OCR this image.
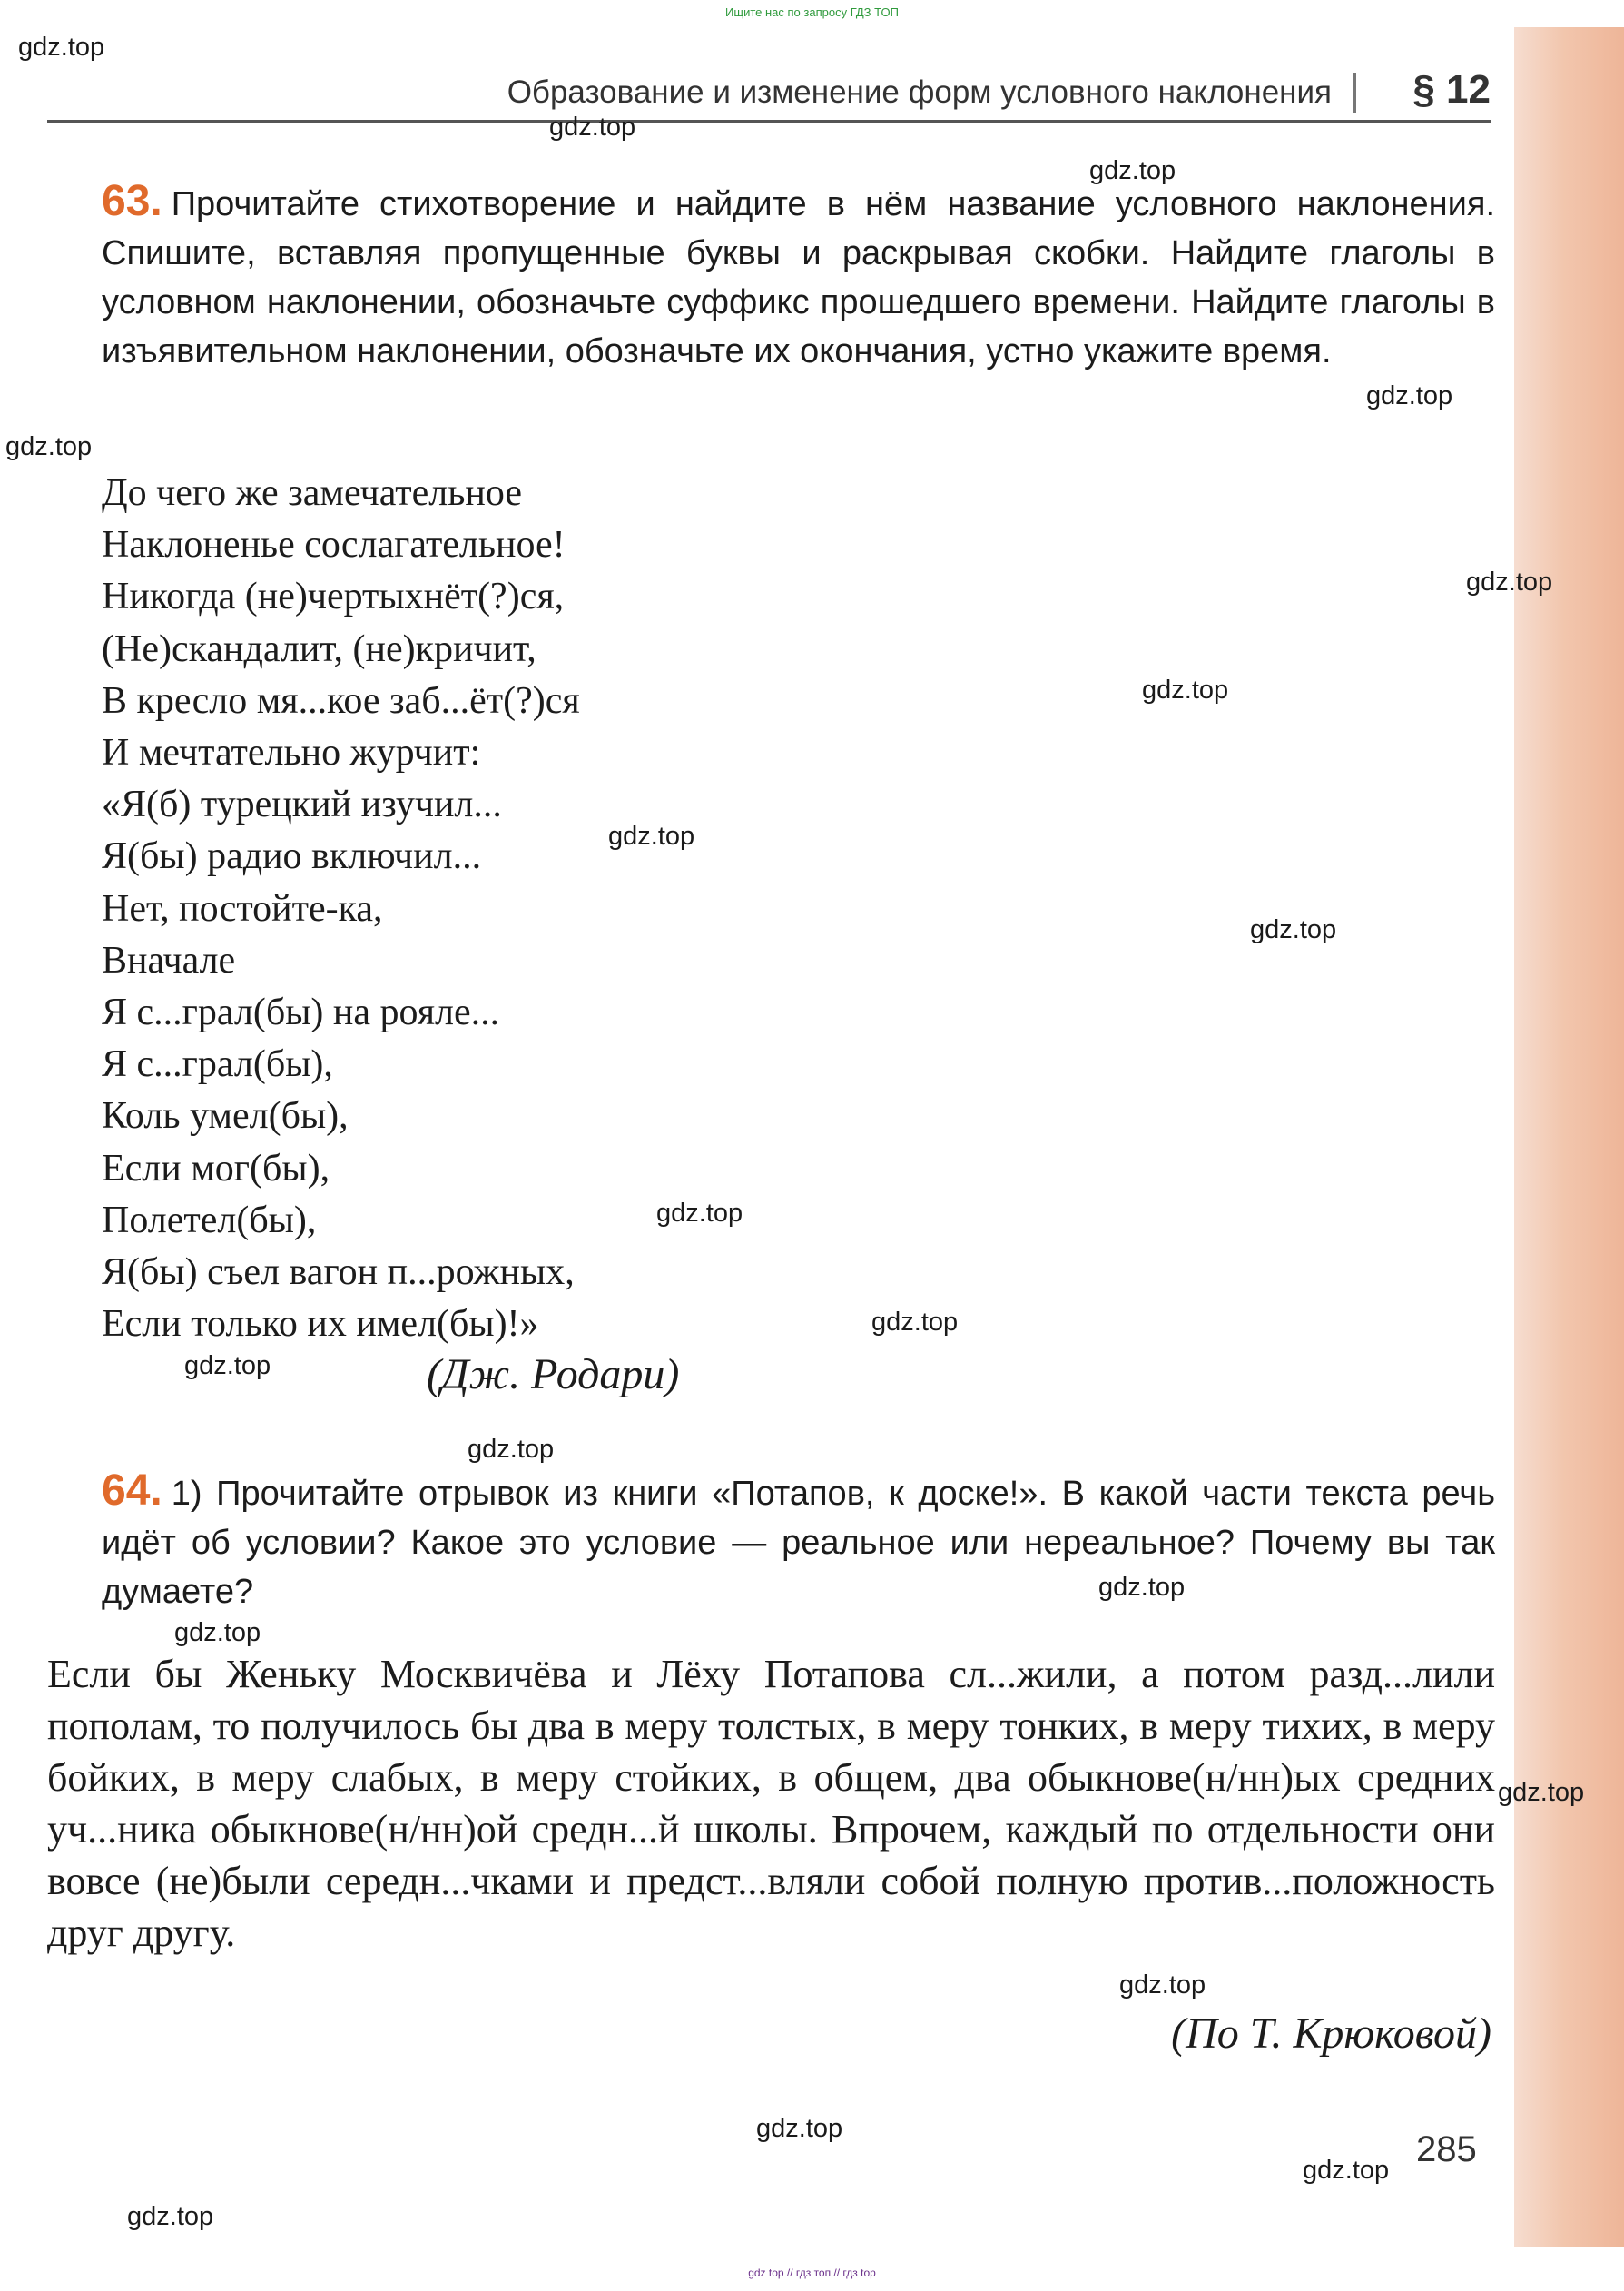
Ищите нас по запросу ГДЗ ТОП
Образование и изменение форм условного наклонения § 12
63. Прочитайте стихотворение и найдите в нём название условного наклонения. Спишите, вставляя пропущенные буквы и раскрывая скобки. Найдите глаголы в условном наклонении, обозначьте суффикс прошедшего времени. Найдите глаголы в изъявительном наклонении, обозначьте их окончания, устно укажите время.
До чего же замечательное
Наклоненье сослагательное!
Никогда (не)чертыхнёт(?)ся,
(Не)скандалит, (не)кричит,
В кресло мя...кое заб...ёт(?)ся
И мечтательно журчит:
«Я(б) турецкий изучил...
Я(бы) радио включил...
Нет, постойте-ка,
Вначале
Я с...грал(бы) на рояле...
Я с...грал(бы),
Коль умел(бы),
Если мог(бы),
Полетел(бы),
Я(бы) съел вагон п...рожных,
Если только их имел(бы)!»
(Дж. Родари)
64. 1) Прочитайте отрывок из книги «Потапов, к доске!». В какой части текста речь идёт об условии? Какое это условие — реальное или нереальное? Почему вы так думаете?
Если бы Женьку Москвичёва и Лёху Потапова сл...жили, а потом разд...лили пополам, то получилось бы два в меру толстых, в меру тонких, в меру тихих, в меру бойких, в меру слабых, в меру стойких, в общем, два обыкнове(н/нн)ых средних уч...ника обыкнове(н/нн)ой средн...й школы. Впрочем, каждый по отдельности они вовсе (не)были середн...чками и предст...вляли собой полную против...положность друг другу.
(По Т. Крюковой)
285
gdz.top
gdz.top
gdz.top
gdz.top
gdz.top
gdz.top
gdz.top
gdz.top
gdz.top
gdz.top
gdz.top
gdz.top
gdz.top
gdz.top
gdz.top
gdz.top
gdz.top
gdz.top
gdz.top
gdz.top
gdz top // гдз топ // гдз top
